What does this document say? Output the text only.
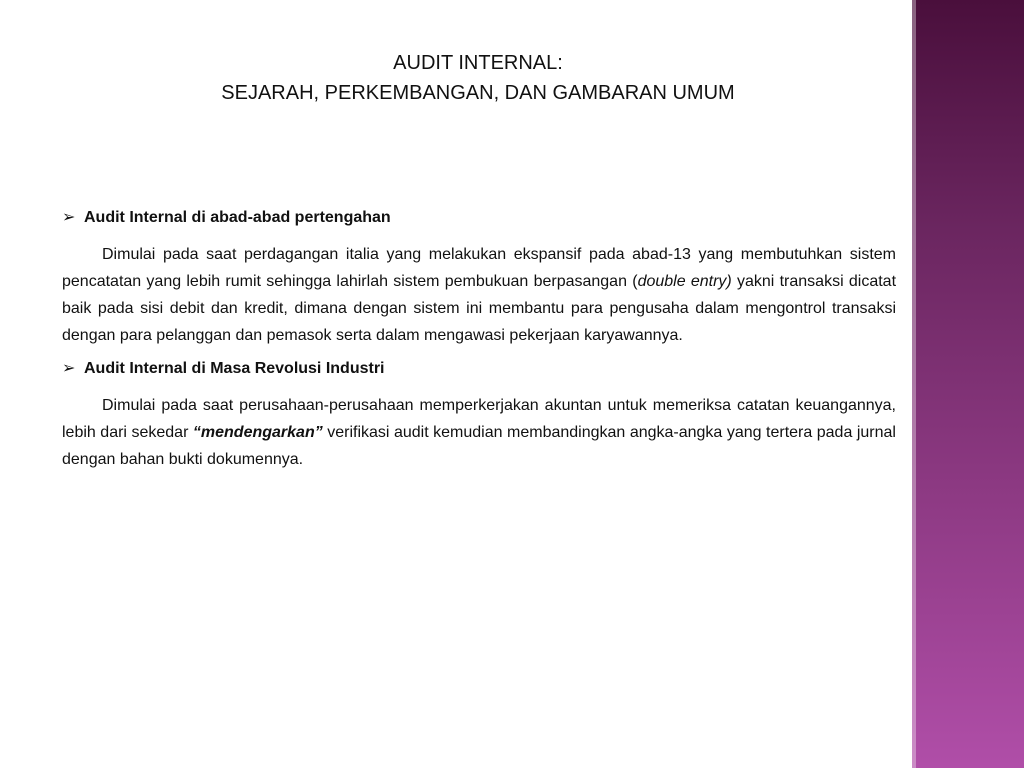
AUDIT INTERNAL:
SEJARAH, PERKEMBANGAN, DAN GAMBARAN UMUM
➢ Audit Internal di abad-abad pertengahan

Dimulai pada saat perdagangan italia yang melakukan ekspansif pada abad-13 yang membutuhkan sistem pencatatan yang lebih rumit sehingga lahirlah sistem pembukuan berpasangan (double entry) yakni transaksi dicatat baik pada sisi debit dan kredit, dimana dengan sistem ini membantu para pengusaha dalam mengontrol transaksi dengan para pelanggan dan pemasok serta dalam mengawasi pekerjaan karyawannya.

➢ Audit Internal di Masa Revolusi Industri

Dimulai pada saat perusahaan-perusahaan memperkerjakan akuntan untuk memeriksa catatan keuangannya, lebih dari sekedar “mendengarkan” verifikasi audit kemudian membandingkan angka-angka yang tertera pada jurnal dengan bahan bukti dokumennya.
